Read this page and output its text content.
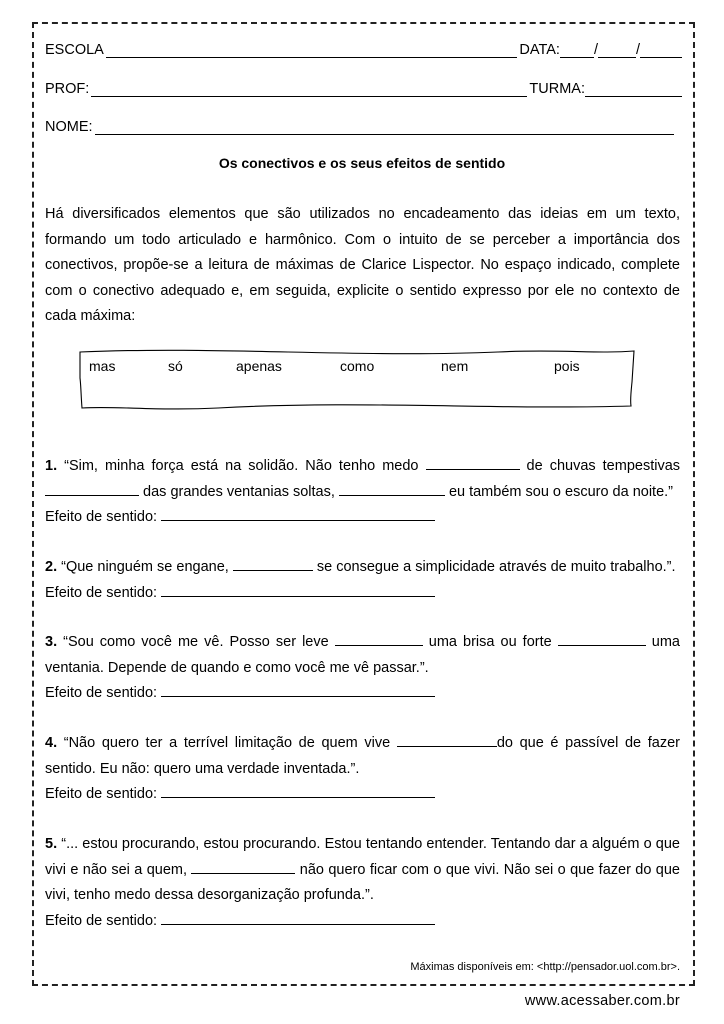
ESCOLA	DATA: /	/
PROF:	TURMA:
NOME:
Os conectivos e os seus efeitos de sentido

Há diversificados elementos que são utilizados no encadeamento das ideias em um texto, formando um todo articulado e harmônico. Com o intuito de se perceber a importância dos conectivos, propõe-se a leitura de máximas de Clarice Lispector. No espaço indicado, complete com o conectivo adequado e, em seguida, explicite o sentido expresso por ele no contexto de cada máxima:

mas	só	apenas	como	nem	pois
1. “Sim, minha força está na solidão. Não tenho medo	de chuvas tempestivas  das grandes ventanias soltas,	eu também sou o escuro da noite.”
Efeito de sentido:
2. “Que ninguém se engane,	se consegue a simplicidade através de muito trabalho.”.
Efeito de sentido:
3. “Sou como você me vê. Posso ser leve	uma brisa ou forte	uma ventania. Depende de quando e como você me vê passar.”.
Efeito de sentido:
4. “Não quero ter a terrível limitação de quem vive	do que é passível de fazer sentido. Eu não: quero uma verdade inventada.”.
Efeito de sentido:
5. “... estou procurando, estou procurando. Estou tentando entender. Tentando dar a alguém o que vivi e não sei a quem,	não quero ficar com o que vivi. Não sei o que fazer do que vivi, tenho medo dessa desorganização profunda.”.
Efeito de sentido:
Máximas disponíveis em: <http://pensador.uol.com.br>.
www.acessaber.com.br
